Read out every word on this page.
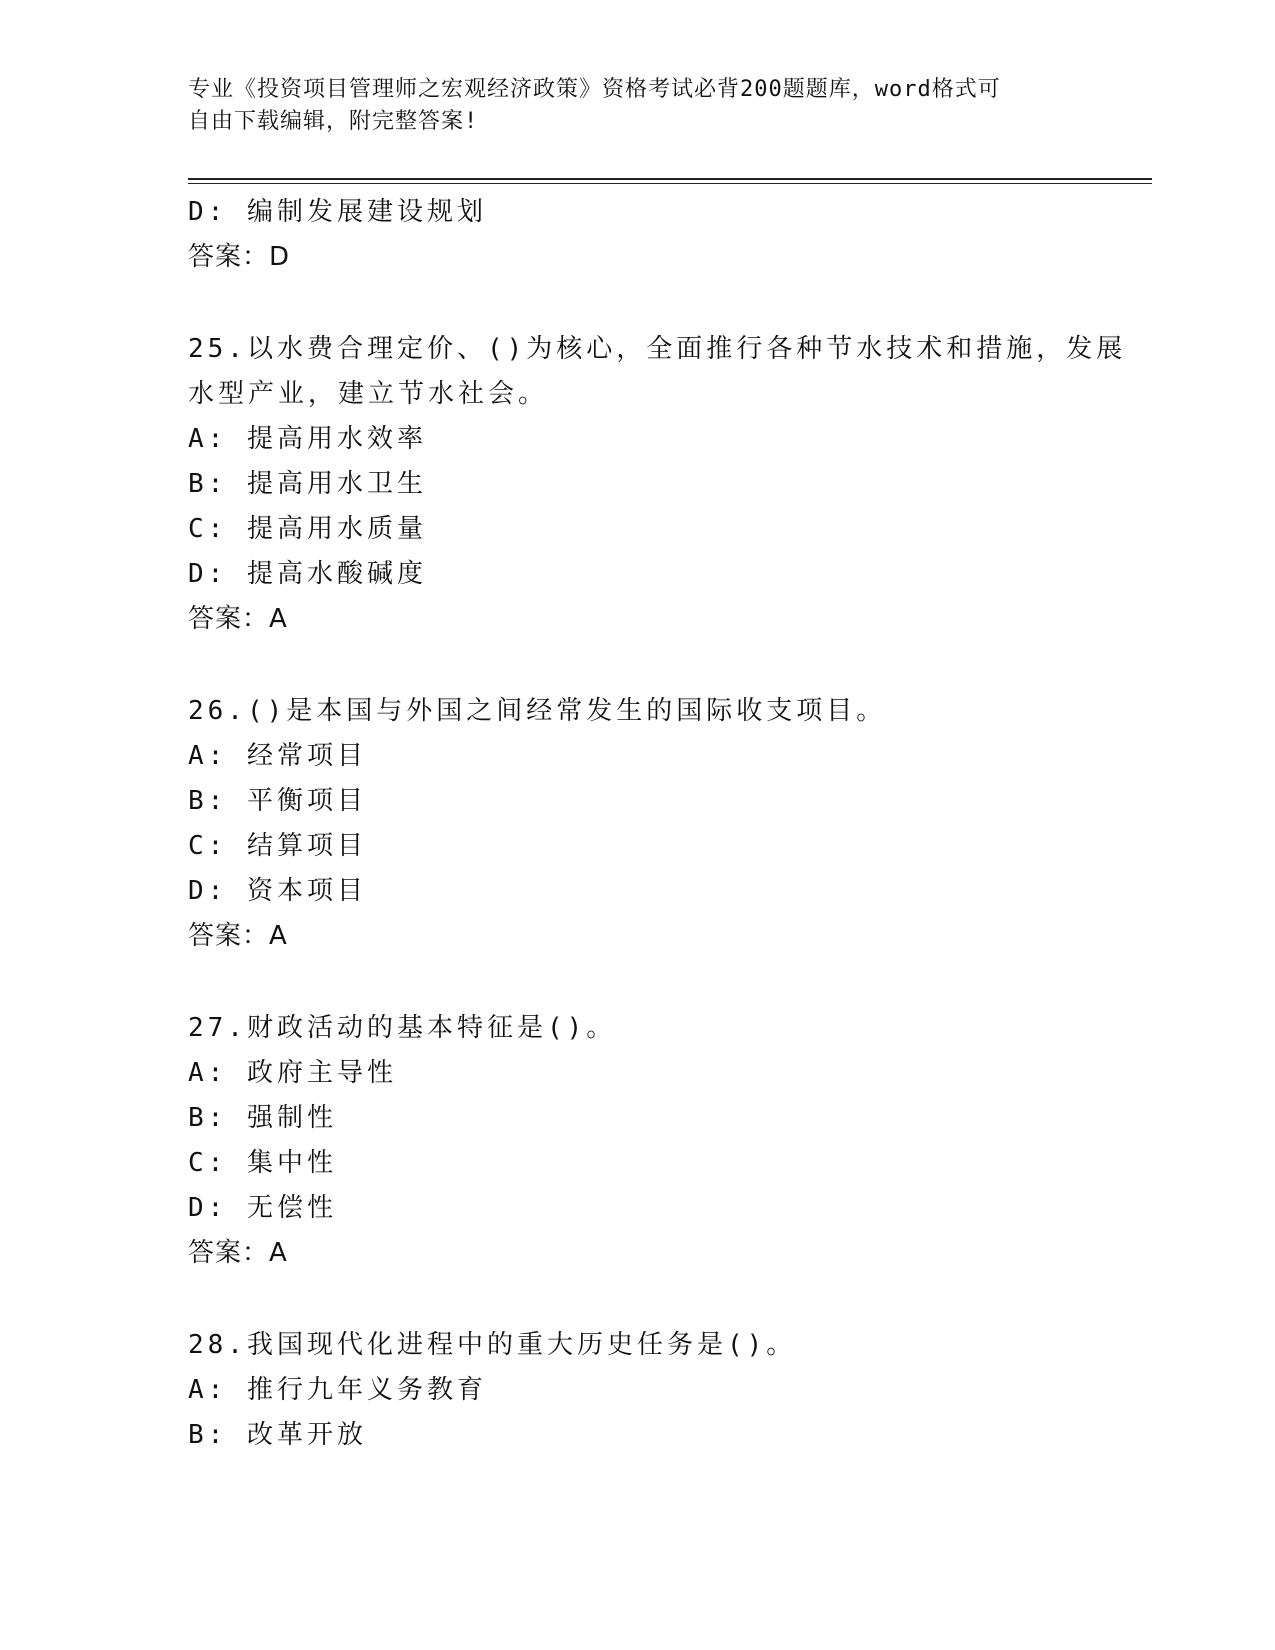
专业《投资项目管理师之宏观经济政策》资格考试必背200题题库，word格式可
自由下载编辑，附完整答案!
D: 编制发展建设规划
答案：D
25.以水费合理定价、()为核心，全面推行各种节水技术和措施，发展
水型产业，建立节水社会。
A: 提高用水效率
B: 提高用水卫生
C: 提高用水质量
D: 提高水酸碱度
答案：A
26.()是本国与外国之间经常发生的国际收支项目。
A: 经常项目
B: 平衡项目
C: 结算项目
D: 资本项目
答案：A
27.财政活动的基本特征是()。
A: 政府主导性
B: 强制性
C: 集中性
D: 无偿性
答案：A
28.我国现代化进程中的重大历史任务是()。
A: 推行九年义务教育
B: 改革开放
